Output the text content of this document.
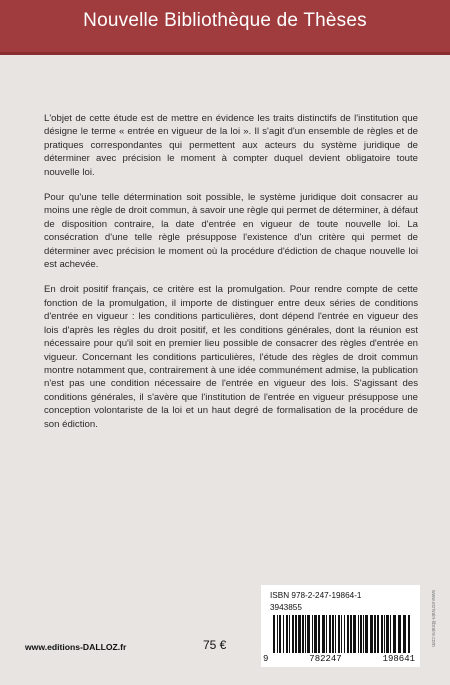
Nouvelle Bibliothèque de Thèses

L'objet de cette étude est de mettre en évidence les traits distinctifs de l'institution que désigne le terme « entrée en vigueur de la loi ». Il s'agit d'un ensemble de règles et de pratiques correspondantes qui permettent aux acteurs du système juridique de déterminer avec précision le moment à compter duquel devient obligatoire toute nouvelle loi.

Pour qu'une telle détermination soit possible, le système juridique doit consacrer au moins une règle de droit commun, à savoir une règle qui permet de déterminer, à défaut de disposition contraire, la date d'entrée en vigueur de toute nouvelle loi. La consécration d'une telle règle présuppose l'existence d'un critère qui permet de déterminer avec précision le moment où la procédure d'édiction de chaque nouvelle loi est achevée.

En droit positif français, ce critère est la promulgation. Pour rendre compte de cette fonction de la promulgation, il importe de distinguer entre deux séries de conditions d'entrée en vigueur : les conditions particulières, dont dépend l'entrée en vigueur des lois d'après les règles du droit positif, et les conditions générales, dont la réunion est nécessaire pour qu'il soit en premier lieu possible de consacrer des règles d'entrée en vigueur. Concernant les conditions particulières, l'étude des règles de droit commun montre notamment que, contrairement à une idée communément admise, la publication n'est pas une condition nécessaire de l'entrée en vigueur des lois. S'agissant des conditions générales, il s'avère que l'institution de l'entrée en vigueur présuppose une conception volontariste de la loi et un haut degré de formalisation de la procédure de son édiction.

ISBN 978-2-247-19864-1
3943855
9	782247	198641
www.ecrivain-libraire.com
www.editions-DALLOZ.fr	75 €
